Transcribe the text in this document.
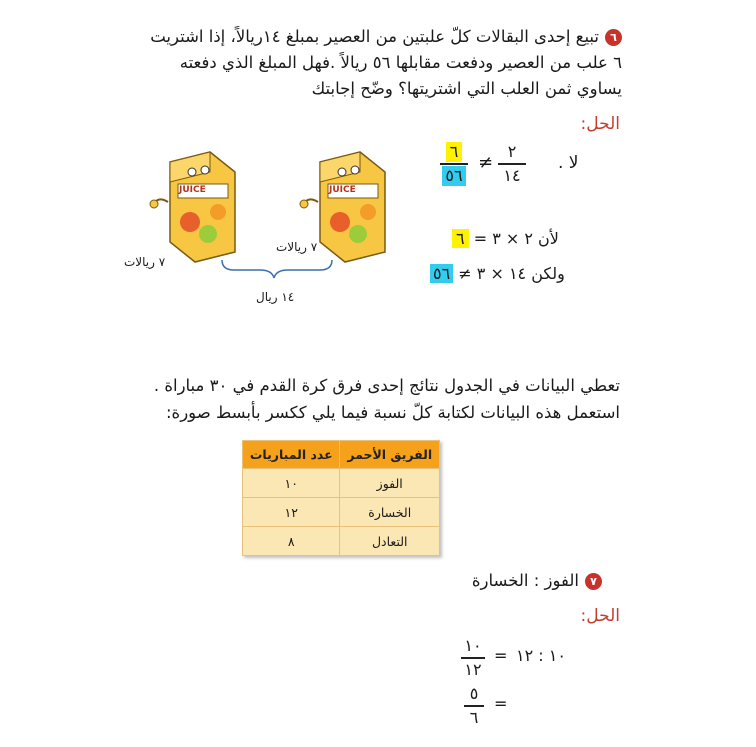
٦تبيع إحدى البقالات كلّ علبتين من العصير بمبلغ ١٤ريالاً، إذا اشتريت
٦ علب من العصير ودفعت مقابلها ٥٦ ريالاً .فهل المبلغ الذي دفعته
يساوي ثمن العلب التي اشتريتها؟ وضّح إجابتك
الحل:
لا .
٢
١٤
≠
٦
٥٦
لأن ٢ × ٣ = ٦
ولكن ١٤ × ٣ ≠ ٥٦
JUICE	JUICE
٧ ريالات
٧ ريالات
١٤ ريال
تعطي البيانات في الجدول نتائج إحدى فرق كرة القدم في ٣٠ مباراة .
استعمل هذه البيانات لكتابة كلّ نسبة فيما يلي ككسر بأبسط صورة:
الفريق الأحمر	عدد المباريات
الفوز	١٠
الخسارة	١٢
التعادل	٨
٧الفوز : الخسارة
الحل:
١٠ : ١٢
=
١٠
١٢
=
٥
٦
